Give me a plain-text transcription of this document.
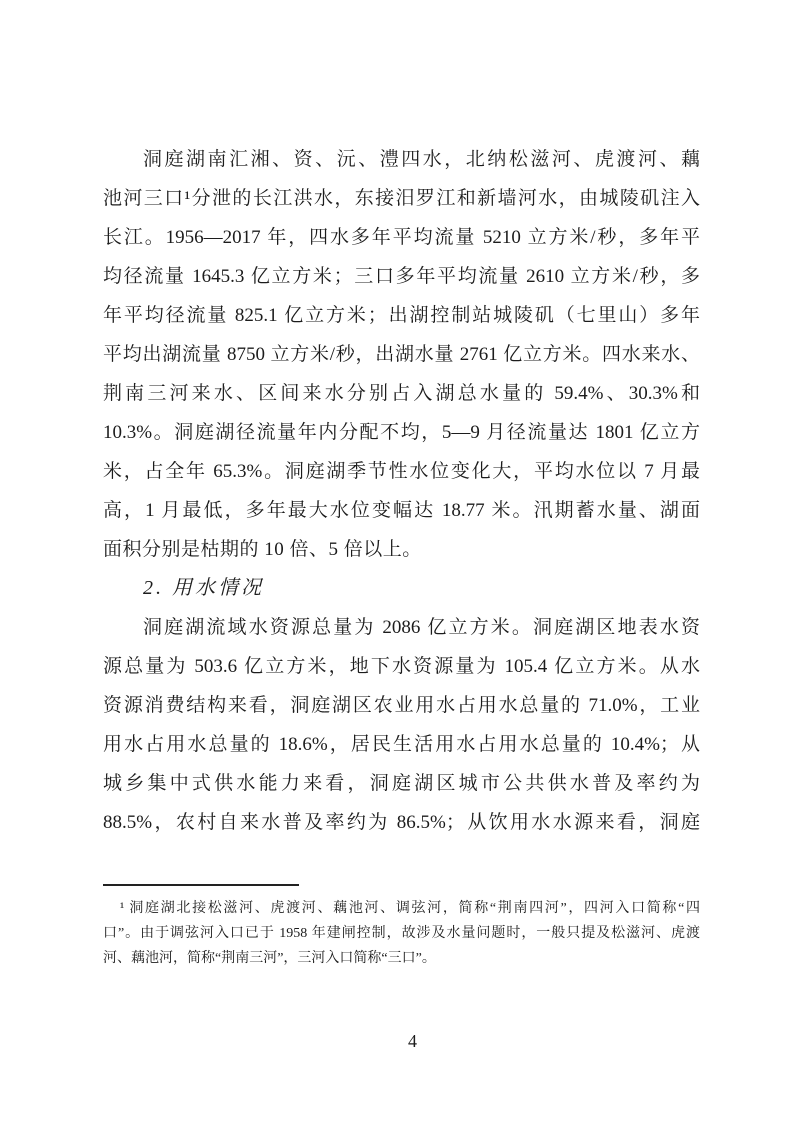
洞庭湖南汇湘、资、沅、澧四水，北纳松滋河、虎渡河、藕
池河三口¹分泄的长江洪水，东接汨罗江和新墙河水，由城陵矶注入
长江。1956—2017 年，四水多年平均流量 5210 立方米/秒，多年平
均径流量 1645.3 亿立方米；三口多年平均流量 2610 立方米/秒，多
年平均径流量 825.1 亿立方米；出湖控制站城陵矶（七里山）多年
平均出湖流量 8750 立方米/秒，出湖水量 2761 亿立方米。四水来水、
荆南三河来水、区间来水分别占入湖总水量的 59.4%、30.3%和
10.3%。洞庭湖径流量年内分配不均，5—9 月径流量达 1801 亿立方
米，占全年 65.3%。洞庭湖季节性水位变化大，平均水位以 7 月最
高，1 月最低，多年最大水位变幅达 18.77 米。汛期蓄水量、湖面
面积分别是枯期的 10 倍、5 倍以上。
2. 用水情况
洞庭湖流域水资源总量为 2086 亿立方米。洞庭湖区地表水资
源总量为 503.6 亿立方米，地下水资源量为 105.4 亿立方米。从水
资源消费结构来看，洞庭湖区农业用水占用水总量的 71.0%，工业
用水占用水总量的 18.6%，居民生活用水占用水总量的 10.4%；从
城乡集中式供水能力来看，洞庭湖区城市公共供水普及率约为
88.5%，农村自来水普及率约为 86.5%；从饮用水水源来看，洞庭
¹ 洞庭湖北接松滋河、虎渡河、藕池河、调弦河，简称“荆南四河”，四河入口简称“四
口”。由于调弦河入口已于 1958 年建闸控制，故涉及水量问题时，一般只提及松滋河、虎渡
河、藕池河，简称“荆南三河”，三河入口简称“三口”。
4
